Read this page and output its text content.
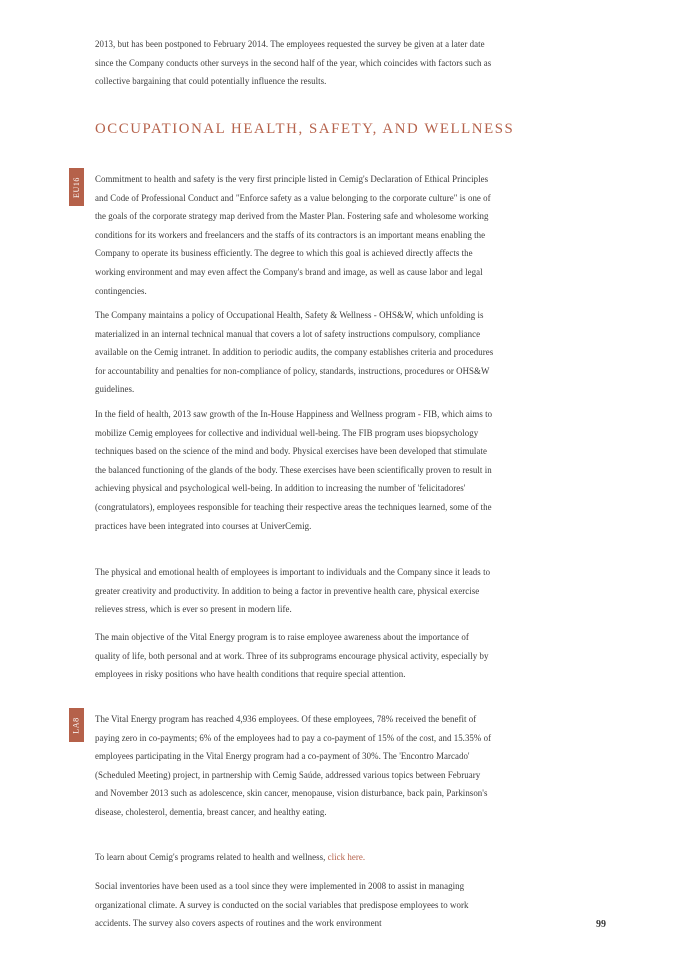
2013, but has been postponed to February 2014. The employees requested the survey be given at a later date since the Company conducts other surveys in the second half of the year, which coincides with factors such as collective bargaining that could potentially influence the results.

OCCUPATIONAL HEALTH, SAFETY, AND WELLNESS
EU16 Commitment to health and safety is the very first principle listed in Cemig's Declaration of Ethical Principles and Code of Professional Conduct and "Enforce safety as a value belonging to the corporate culture" is one of the goals of the corporate strategy map derived from the Master Plan. Fostering safe and wholesome working conditions for its workers and freelancers and the staffs of its contractors is an important means enabling the Company to operate its business efficiently. The degree to which this goal is achieved directly affects the working environment and may even affect the Company's brand and image, as well as cause labor and legal contingencies.

The Company maintains a policy of Occupational Health, Safety & Wellness - OHS&W, which unfolding is materialized in an internal technical manual that covers a lot of safety instructions compulsory, compliance available on the Cemig intranet. In addition to periodic audits, the company establishes criteria and procedures for accountability and penalties for non-compliance of policy, standards, instructions, procedures or OHS&W guidelines.

In the field of health, 2013 saw growth of the In-House Happiness and Wellness program - FIB, which aims to mobilize Cemig employees for collective and individual well-being. The FIB program uses biopsychology techniques based on the science of the mind and body. Physical exercises have been developed that stimulate the balanced functioning of the glands of the body. These exercises have been scientifically proven to result in achieving physical and psychological well-being. In addition to increasing the number of 'felicitadores' (congratulators), employees responsible for teaching their respective areas the techniques learned, some of the practices have been integrated into courses at UniverCemig.

The physical and emotional health of employees is important to individuals and the Company since it leads to greater creativity and productivity. In addition to being a factor in preventive health care, physical exercise relieves stress, which is ever so present in modern life.

The main objective of the Vital Energy program is to raise employee awareness about the importance of quality of life, both personal and at work. Three of its subprograms encourage physical activity, especially by employees in risky positions who have health conditions that require special attention.

LA8 The Vital Energy program has reached 4,936 employees. Of these employees, 78% received the benefit of paying zero in co-payments; 6% of the employees had to pay a co-payment of 15% of the cost, and 15.35% of employees participating in the Vital Energy program had a co-payment of 30%. The 'Encontro Marcado' (Scheduled Meeting) project, in partnership with Cemig Saúde, addressed various topics between February and November 2013 such as adolescence, skin cancer, menopause, vision disturbance, back pain, Parkinson's disease, cholesterol, dementia, breast cancer, and healthy eating.

To learn about Cemig's programs related to health and wellness, click here.

Social inventories have been used as a tool since they were implemented in 2008 to assist in managing organizational climate. A survey is conducted on the social variables that predispose employees to work accidents. The survey also covers aspects of routines and the work environment	99
